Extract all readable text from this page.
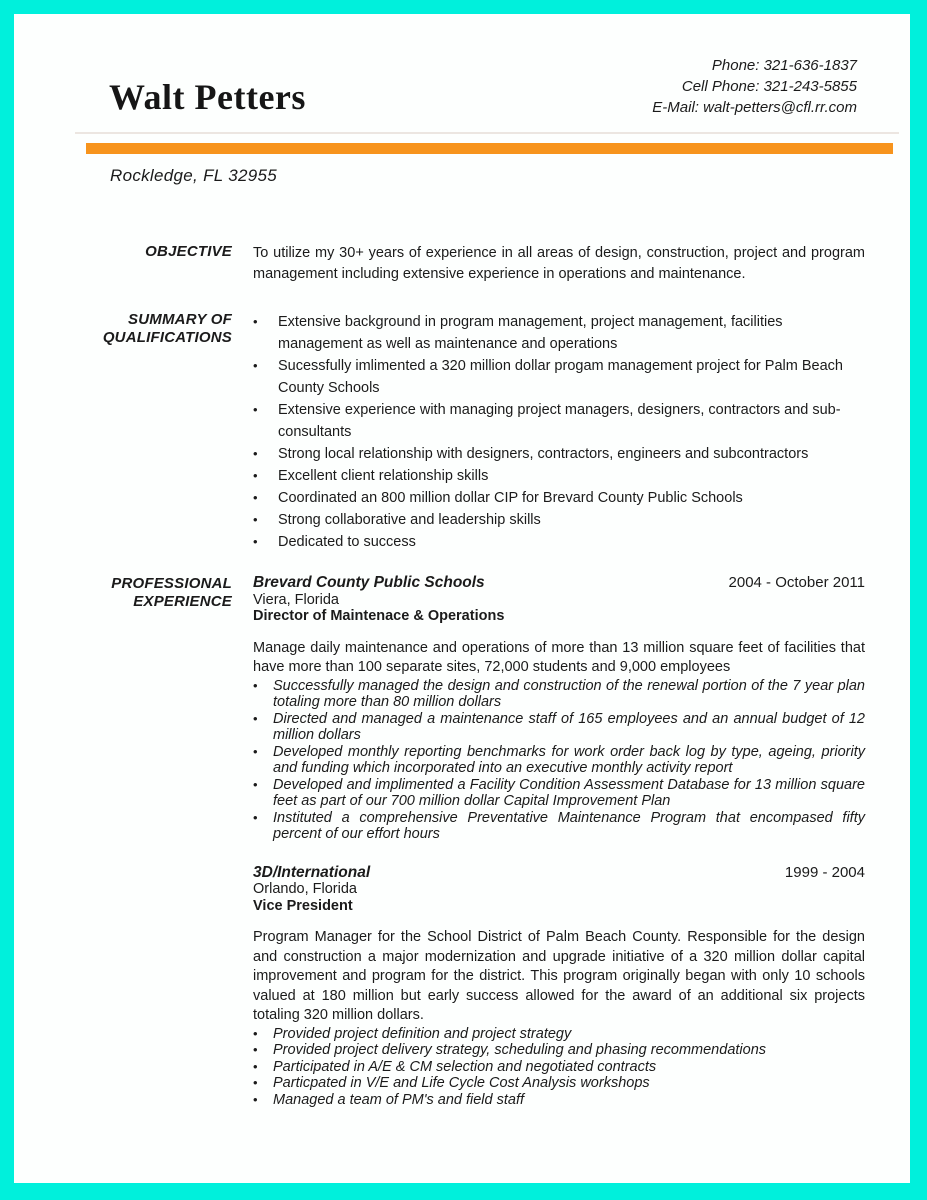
Phone: 321-636-1837
Cell Phone: 321-243-5855
E-Mail: walt-petters@cfl.rr.com
Walt Petters
Rockledge, FL 32955
OBJECTIVE To utilize my 30+ years of experience in all areas of design, construction, project and program management including extensive experience in operations and maintenance.
SUMMARY OF
QUALIFICATIONS
•	Extensive background in program management, project management, facilities management as well as maintenance and operations
•	Sucessfully imlimented a 320 million dollar progam management project for Palm Beach County Schools
•	Extensive experience with managing project managers, designers, contractors and sub-consultants
•	Strong local relationship with designers, contractors, engineers and subcontractors
•	Excellent client relationship skills
•	Coordinated an 800 million dollar CIP for Brevard County Public Schools
•	Strong collaborative and leadership skills
•	Dedicated to success
PROFESSIONAL
EXPERIENCE
Brevard County Public Schools	2004 - October 2011
Viera, Florida
Director of Maintenace & Operations

Manage daily maintenance and operations of more than 13 million square feet of facilities that have more than 100 separate sites, 72,000 students and 9,000 employees

•	Successfully managed the design and construction of the renewal portion of the 7 year plan totaling more than 80 million dollars
•	Directed and managed a maintenance staff of 165 employees and an annual budget of 12 million dollars
•	Developed monthly reporting benchmarks for work order back log by type, ageing, priority and funding which incorporated into an executive monthly activity report
•	Developed and implimented a Facility Condition Assessment Database for 13 million square feet as part of our 700 million dollar Capital Improvement Plan
•	Instituted a comprehensive Preventative Maintenance Program that encompased fifty percent of our effort hours
3D/International	1999 - 2004
Orlando, Florida
Vice President

Program Manager for the School District of Palm Beach County. Responsible for the design and construction a major modernization and upgrade initiative of a 320 million dollar capital improvement and program for the district. This program originally began with only 10 schools valued at 180 million but early success allowed for the award of an additional six projects totaling 320 million dollars.

•	Provided project definition and project strategy
•	Provided project delivery strategy, scheduling and phasing recommendations
•	Participated in A/E & CM selection and negotiated contracts
•	Particpated in V/E and Life Cycle Cost Analysis workshops
•	Managed a team of PM's and field staff
